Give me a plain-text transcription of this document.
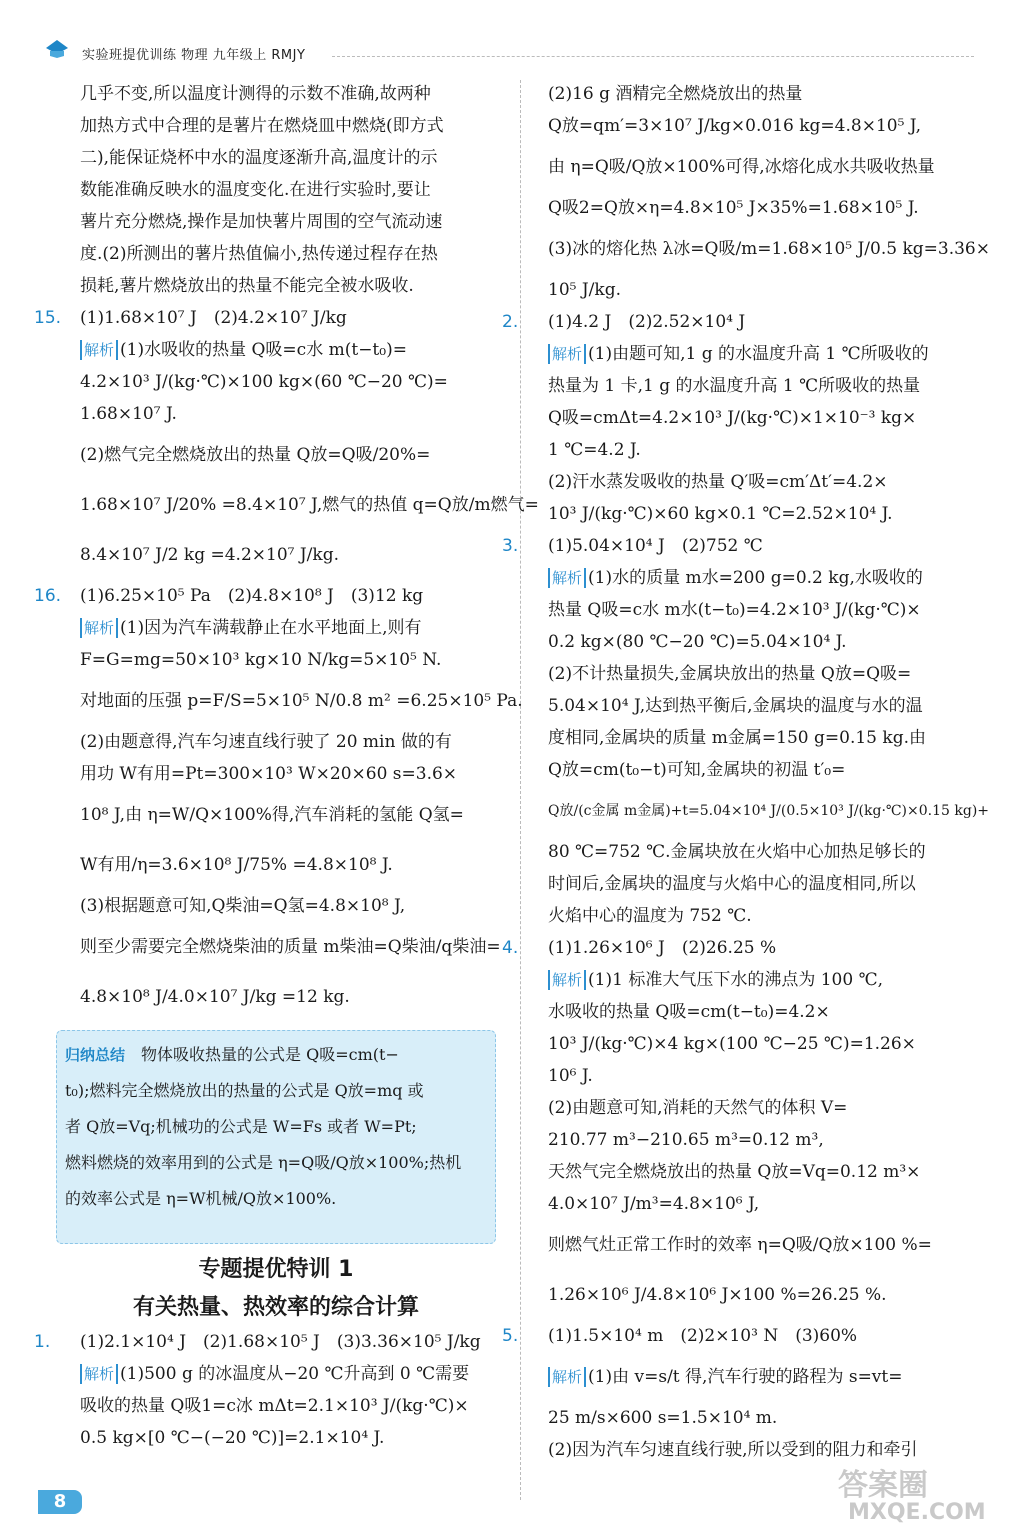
实验班提优训练 物理 九年级上 RMJY
几乎不变,所以温度计测得的示数不准确,故两种
加热方式中合理的是薯片在燃烧皿中燃烧(即方式
二),能保证烧杯中水的温度逐渐升高,温度计的示
数能准确反映水的温度变化.在进行实验时,要让
薯片充分燃烧,操作是加快薯片周围的空气流动速
度.(2)所测出的薯片热值偏小,热传递过程存在热
损耗,薯片燃烧放出的热量不能完全被水吸收.
15. (1)1.68×10⁷ J　(2)4.2×10⁷ J/kg
解析 (1)水吸收的热量 Q吸=c水 m(t−t₀)=
4.2×10³ J/(kg·℃)×100 kg×(60 ℃−20 ℃)=
1.68×10⁷ J.
(2)燃气完全燃烧放出的热量 Q放=Q吸/20%=
1.68×10⁷ J/20% =8.4×10⁷ J,燃气的热值 q=Q放/m燃气=
8.4×10⁷ J/2 kg =4.2×10⁷ J/kg.
16. (1)6.25×10⁵ Pa　(2)4.8×10⁸ J　(3)12 kg
解析 (1)因为汽车满载静止在水平地面上,则有
F=G=mg=50×10³ kg×10 N/kg=5×10⁵ N.
对地面的压强 p=F/S=5×10⁵ N/0.8 m² =6.25×10⁵ Pa.
(2)由题意得,汽车匀速直线行驶了 20 min 做的有
用功 W有用=Pt=300×10³ W×20×60 s=3.6×
10⁸ J,由 η=W/Q×100%得,汽车消耗的氢能 Q氢=
W有用/η=3.6×10⁸ J/75% =4.8×10⁸ J.
(3)根据题意可知,Q柴油=Q氢=4.8×10⁸ J,
则至少需要完全燃烧柴油的质量 m柴油=Q柴油/q柴油=
4.8×10⁸ J/4.0×10⁷ J/kg =12 kg.
归纳总结　 物体吸收热量的公式是 Q吸=cm(t−
t₀);燃料完全燃烧放出的热量的公式是 Q放=mq 或
者 Q放=Vq;机械功的公式是 W=Fs 或者 W=Pt;
燃料燃烧的效率用到的公式是 η=Q吸/Q放×100%;热机
的效率公式是 η=W机械/Q放×100%.
专题提优特训 1
有关热量、热效率的综合计算
1. (1)2.1×10⁴ J　(2)1.68×10⁵ J　(3)3.36×10⁵ J/kg
解析 (1)500 g 的冰温度从−20 ℃升高到 0 ℃需要
吸收的热量 Q吸1=c冰 mΔt=2.1×10³ J/(kg·℃)×
0.5 kg×[0 ℃−(−20 ℃)]=2.1×10⁴ J.
(2)16 g 酒精完全燃烧放出的热量
Q放=qm′=3×10⁷ J/kg×0.016 kg=4.8×10⁵ J,
由 η=Q吸/Q放×100%可得,冰熔化成水共吸收热量
Q吸2=Q放×η=4.8×10⁵ J×35%=1.68×10⁵ J.
(3)冰的熔化热 λ冰=Q吸/m=1.68×10⁵ J/0.5 kg=3.36×
10⁵ J/kg.
2. (1)4.2 J　(2)2.52×10⁴ J
解析 (1)由题可知,1 g 的水温度升高 1 ℃所吸收的
热量为 1 卡,1 g 的水温度升高 1 ℃所吸收的热量
Q吸=cmΔt=4.2×10³ J/(kg·℃)×1×10⁻³ kg×
1 ℃=4.2 J.
(2)汗水蒸发吸收的热量 Q′吸=cm′Δt′=4.2×
10³ J/(kg·℃)×60 kg×0.1 ℃=2.52×10⁴ J.
3. (1)5.04×10⁴ J　(2)752 ℃
解析 (1)水的质量 m水=200 g=0.2 kg,水吸收的
热量 Q吸=c水 m水(t−t₀)=4.2×10³ J/(kg·℃)×
0.2 kg×(80 ℃−20 ℃)=5.04×10⁴ J.
(2)不计热量损失,金属块放出的热量 Q放=Q吸=
5.04×10⁴ J,达到热平衡后,金属块的温度与水的温
度相同,金属块的质量 m金属=150 g=0.15 kg.由
Q放=cm(t₀−t)可知,金属块的初温 t′₀=
Q放/(c金属 m金属)+t=5.04×10⁴ J/(0.5×10³ J/(kg·℃)×0.15 kg)+
80 ℃=752 ℃.金属块放在火焰中心加热足够长的
时间后,金属块的温度与火焰中心的温度相同,所以
火焰中心的温度为 752 ℃.
4. (1)1.26×10⁶ J　(2)26.25 %
解析 (1)1 标准大气压下水的沸点为 100 ℃,
水吸收的热量 Q吸=cm(t−t₀)=4.2×
10³ J/(kg·℃)×4 kg×(100 ℃−25 ℃)=1.26×
10⁶ J.
(2)由题意可知,消耗的天然气的体积 V=
210.77 m³−210.65 m³=0.12 m³,
天然气完全燃烧放出的热量 Q放=Vq=0.12 m³×
4.0×10⁷ J/m³=4.8×10⁶ J,
则燃气灶正常工作时的效率 η=Q吸/Q放×100 %=
1.26×10⁶ J/4.8×10⁶ J×100 %=26.25 %.
5. (1)1.5×10⁴ m　(2)2×10³ N　(3)60%
解析 (1)由 v=s/t 得,汽车行驶的路程为 s=vt=
25 m/s×600 s=1.5×10⁴ m.
(2)因为汽车匀速直线行驶,所以受到的阻力和牵引
8	答案圈
MXQE.COM
